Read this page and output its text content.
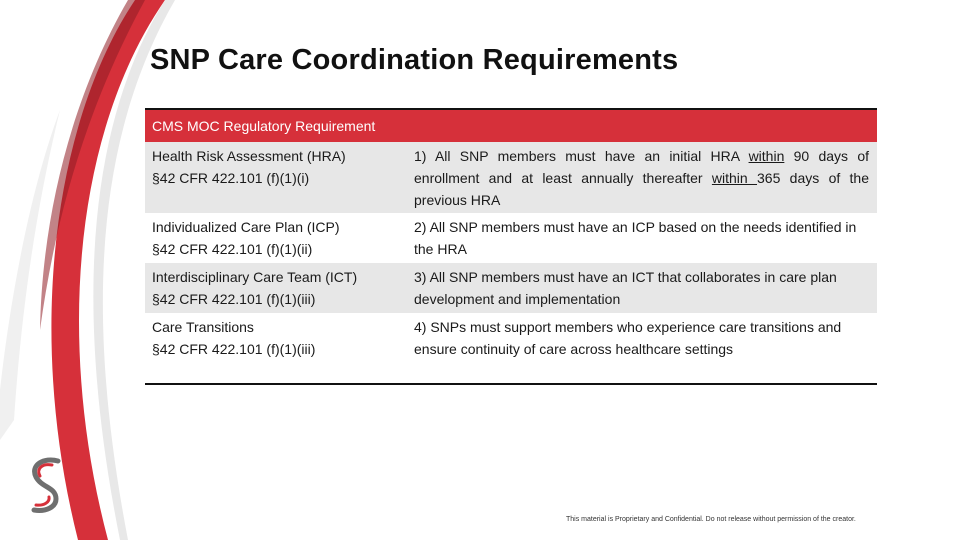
SNP Care Coordination Requirements
CMS MOC Regulatory Requirement	

Health Risk Assessment (HRA)
§42 CFR 422.101 (f)(1)(i)	1) All SNP members must have an initial HRA within 90 days of enrollment and at least annually thereafter within 365 days of the previous HRA

Individualized Care Plan (ICP)
§42 CFR 422.101 (f)(1)(ii)	2) All SNP members must have an ICP based on the needs identified in the HRA

Interdisciplinary Care Team (ICT)
§42 CFR 422.101 (f)(1)(iii)	3) All SNP members must have an ICT that collaborates in care plan development and implementation

Care Transitions
§42 CFR 422.101 (f)(1)(iii)	4) SNPs must support members who experience care transitions and ensure continuity of care across healthcare settings
This material is Proprietary and Confidential. Do not release without permission of the creator.
